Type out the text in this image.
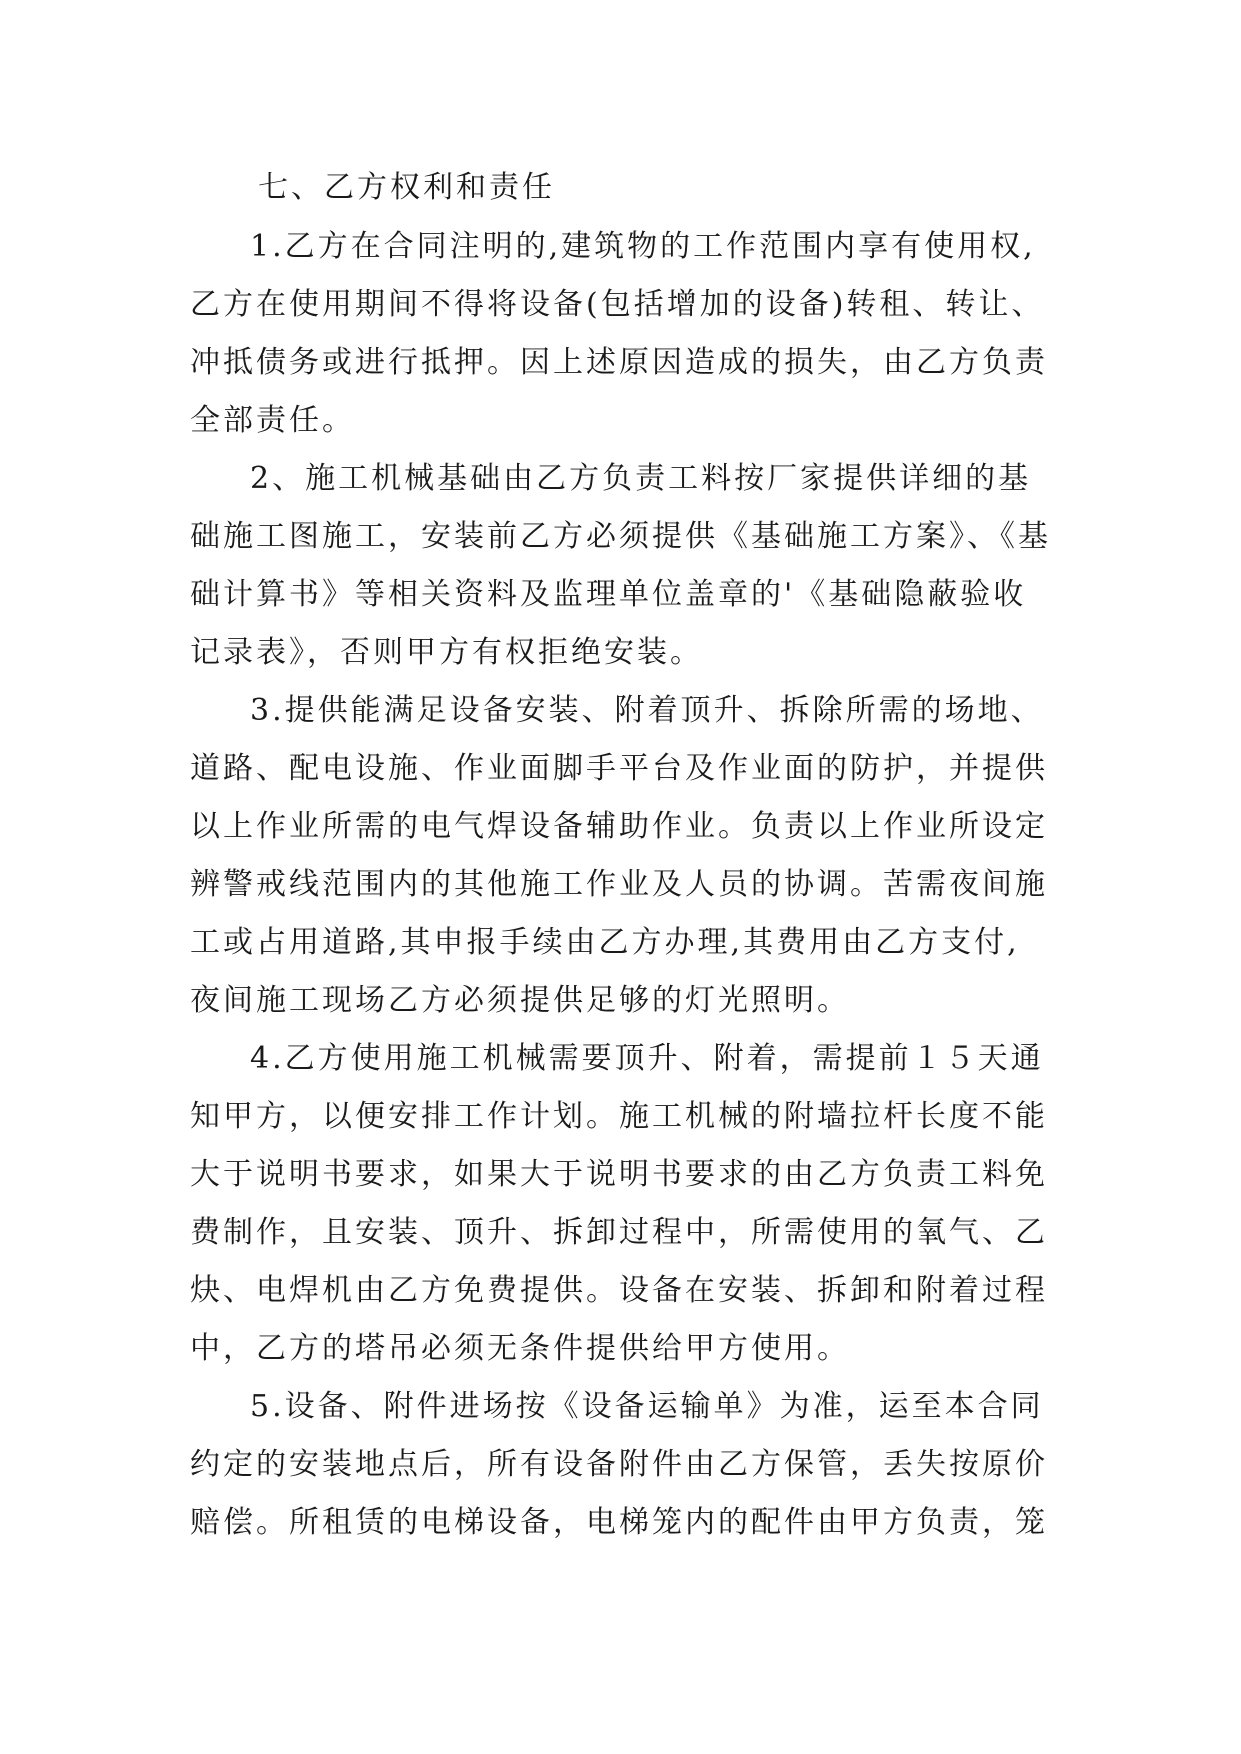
七、乙方权利和责任
1.乙方在合同注明的,建筑物的工作范围内享有使用权,
乙方在使用期间不得将设备(包括增加的设备)转租、转让、
冲抵债务或进行抵押。因上述原因造成的损失，由乙方负责
全部责任。
2、施工机械基础由乙方负责工料按厂家提供详细的基
础施工图施工，安装前乙方必须提供《基础施工方案》、《基
础计算书》等相关资料及监理单位盖章的'《基础隐蔽验收
记录表》，否则甲方有权拒绝安装。
3.提供能满足设备安装、附着顶升、拆除所需的场地、
道路、配电设施、作业面脚手平台及作业面的防护，并提供
以上作业所需的电气焊设备辅助作业。负责以上作业所设定
辨警戒线范围内的其他施工作业及人员的协调。苦需夜间施
工或占用道路,其申报手续由乙方办理,其费用由乙方支付,
夜间施工现场乙方必须提供足够的灯光照明。
4.乙方使用施工机械需要顶升、附着，需提前１５天通
知甲方，以便安排工作计划。施工机械的附墙拉杆长度不能
大于说明书要求，如果大于说明书要求的由乙方负责工料免
费制作，且安装、顶升、拆卸过程中，所需使用的氧气、乙
炔、电焊机由乙方免费提供。设备在安装、拆卸和附着过程
中，乙方的塔吊必须无条件提供给甲方使用。
5.设备、附件进场按《设备运输单》为准，运至本合同
约定的安装地点后，所有设备附件由乙方保管，丢失按原价
赔偿。所租赁的电梯设备，电梯笼内的配件由甲方负责，笼
